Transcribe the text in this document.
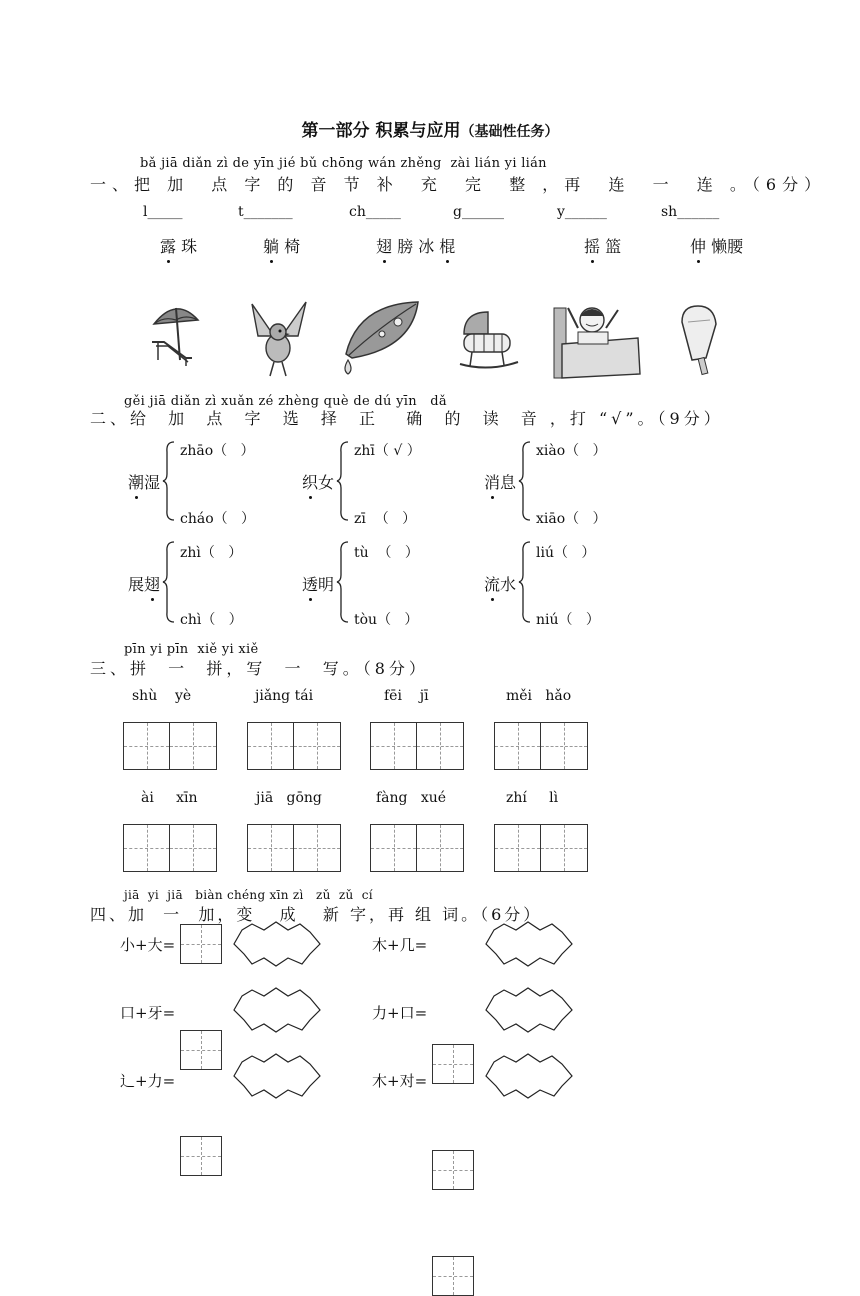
第一部分 积累与应用（基础性任务）
bǎ jiā diǎn zì de yīn jié bǔ chōng wán zhěng  zài lián yi lián
一、把 加  点 字 的 音 节 补  充  完  整 ，再  连  一  连 。（6分）
l_____	t_______	ch_____	g______	y______	sh______
露 珠	躺 椅	翅 膀 冰 棍	摇 篮	伸 懒腰
gěi jiā diǎn zì xuǎn zé zhèng què de dú yīn   dǎ
二、给  加  点  字  选  择  正   确  的  读  音 ，打 “√”。（9分）
潮湿
zhāo（   ）
cháo（   ）
织女
zhī（ √ ）
zī  （   ）
消息
xiào（   ）
xiāo（   ）
展翅
zhì（   ）
chì（   ）
透明
tù  （   ）
tòu（   ）
流水
liú（   ）
niú（   ）
pīn yi pīn  xiě yi xiě
三、拼  一  拼，写  一  写。（8分）
shù    yè	jiǎng tái	fēi    jī	měi   hǎo
ài     xīn	jiā   gōng	fàng   xué	zhí     lì
jiā  yi  jiā   biàn chéng xīn zì   zǔ  zǔ  cí
四、加  一  加，变   成   新 字，再 组 词。（6分）
小+大=
口+牙=
辶+力=
木+几=
力+口=
木+对=
